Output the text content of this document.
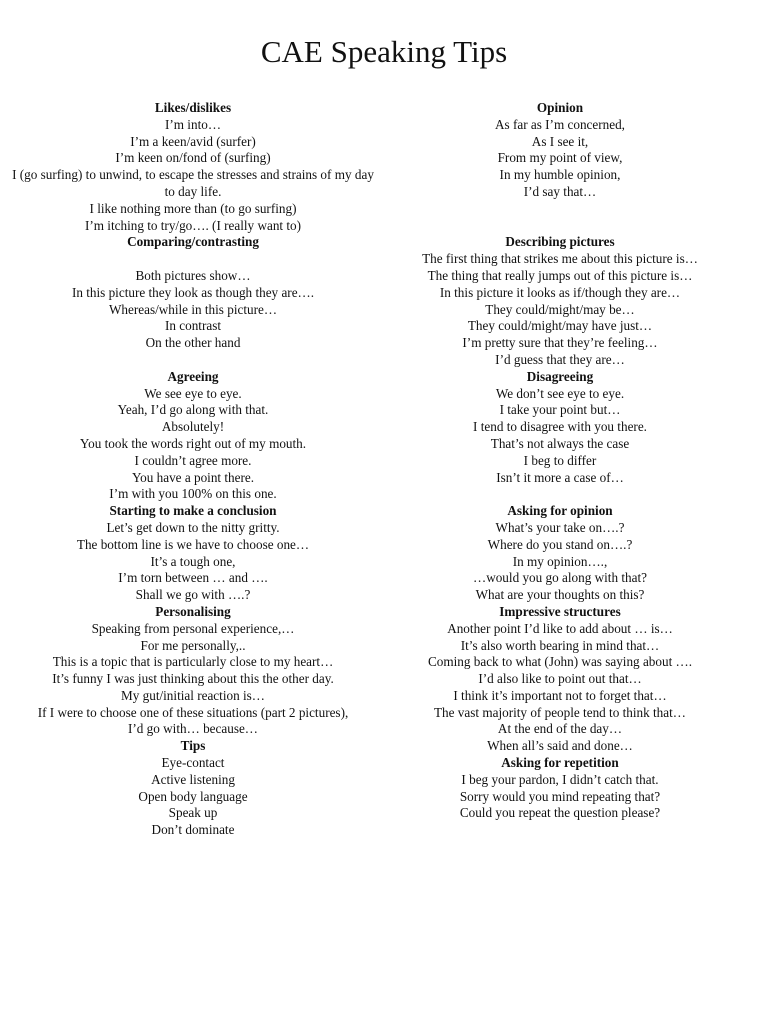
CAE Speaking Tips
Likes/dislikes
I’m into…
I’m a keen/avid (surfer)
I’m keen on/fond of (surfing)
I (go surfing) to unwind, to escape the stresses and strains of my day to day life.
I like nothing more than (to go surfing)
I’m itching to try/go…. (I really want to)
Comparing/contrasting
Both pictures show…
In this picture they look as though they are….
Whereas/while in this picture…
In contrast
On the other hand
Agreeing
We see eye to eye.
Yeah, I’d go along with that.
Absolutely!
You took the words right out of my mouth.
I couldn’t agree more.
You have a point there.
I’m with you 100% on this one.
Starting to make a conclusion
Let’s get down to the nitty gritty.
The bottom line is we have to choose one…
It’s a tough one,
I’m torn between … and ….
Shall we go with ….?
Personalising
Speaking from personal experience,…
For me personally,..
This is a topic that is particularly close to my heart…
It’s funny I was just thinking about this the other day.
My gut/initial reaction is…
If I were to choose one of these situations (part 2 pictures),
I’d go with… because…
Tips
Eye-contact
Active listening
Open body language
Speak up
Don’t dominate
Opinion
As far as I’m concerned,
As I see it,
From my point of view,
In my humble opinion,
I’d say that…
Describing pictures
The first thing that strikes me about this picture is…
The thing that really jumps out of this picture is…
In this picture it looks as if/though they are…
They could/might/may be…
They could/might/may have just…
I’m pretty sure that they’re feeling…
I’d guess that they are…
Disagreeing
We don’t see eye to eye.
I take your point but…
I tend to disagree with you there.
That’s not always the case
I beg to differ
Isn’t it more a case of…
Asking for opinion
What’s your take on….?
Where do you stand on….?
In my opinion….,
…would you go along with that?
What are your thoughts on this?
Impressive structures
Another point I’d like to add about … is…
It’s also worth bearing in mind that…
Coming back to what (John) was saying about ….
I’d also like to point out that…
I think it’s important not to forget that…
The vast majority of people tend to think that…
At the end of the day…
When all’s said and done…
Asking for repetition
I beg your pardon, I didn’t catch that.
Sorry would you mind repeating that?
Could you repeat the question please?
